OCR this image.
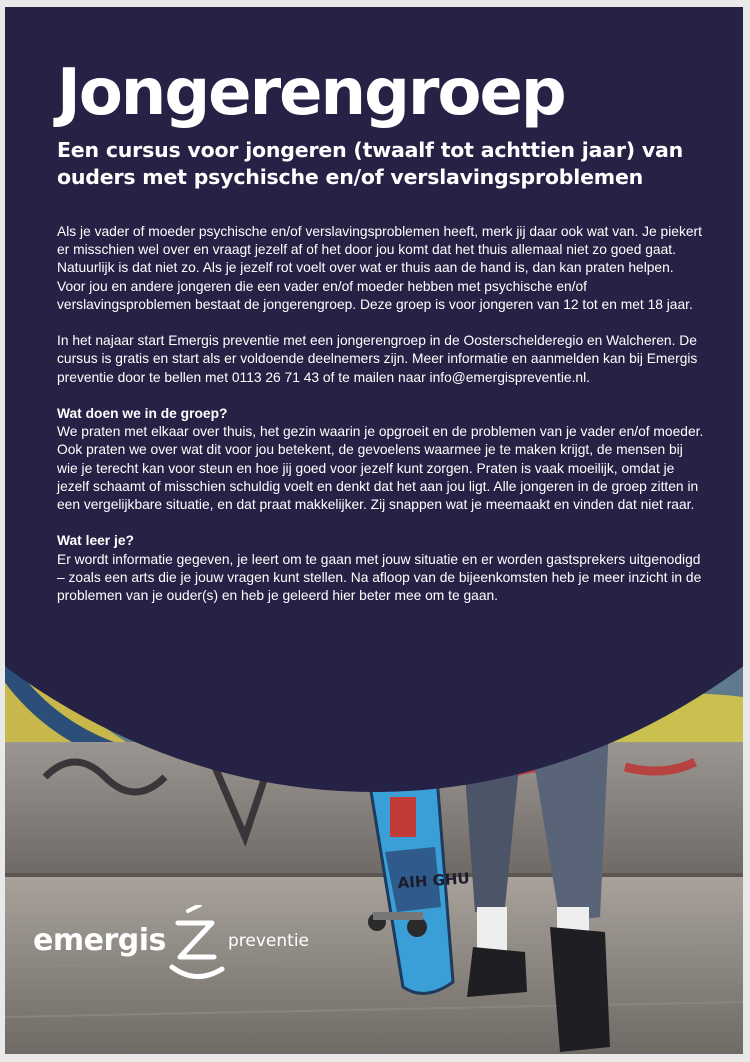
AIH GHU
Jongerengroep
Een cursus voor jongeren (twaalf tot achttien jaar) van ouders met psychische en/of verslavingsproblemen

Als je vader of moeder psychische en/of verslavingsproblemen heeft, merk jij daar ook wat van. Je piekert er misschien wel over en vraagt jezelf af of het door jou komt dat het thuis allemaal niet zo goed gaat. Natuurlijk is dat niet zo. Als je jezelf rot voelt over wat er thuis aan de hand is, dan kan praten helpen. Voor jou en andere jongeren die een vader en/of moeder hebben met psychische en/of verslavingsproblemen bestaat de jongerengroep. Deze groep is voor jongeren van 12 tot en met 18 jaar.

In het najaar start Emergis preventie met een jongerengroep in de Oosterschelderegio en Walcheren. De cursus is gratis en start als er voldoende deelnemers zijn. Meer informatie en aanmelden kan bij Emergis preventie door te bellen met 0113 26 71 43 of te mailen naar info@emergispreventie.nl.

Wat doen we in de groep?
We praten met elkaar over thuis, het gezin waarin je opgroeit en de problemen van je vader en/of moeder. Ook praten we over wat dit voor jou betekent, de gevoelens waarmee je te maken krijgt, de mensen bij wie je terecht kan voor steun en hoe jij goed voor jezelf kunt zorgen. Praten is vaak moeilijk, omdat je jezelf schaamt of misschien schuldig voelt en denkt dat het aan jou ligt. Alle jongeren in de groep zitten in een vergelijkbare situatie, en dat praat makkelijker. Zij snappen wat je meemaakt en vinden dat niet raar.

Wat leer je?
Er wordt informatie gegeven, je leert om te gaan met jouw situatie en er worden gastsprekers uitgenodigd – zoals een arts die je jouw vragen kunt stellen. Na afloop van de bijeenkomsten heb je meer inzicht in de problemen van je ouder(s) en heb je geleerd hier beter mee om te gaan.

emergis	preventie
